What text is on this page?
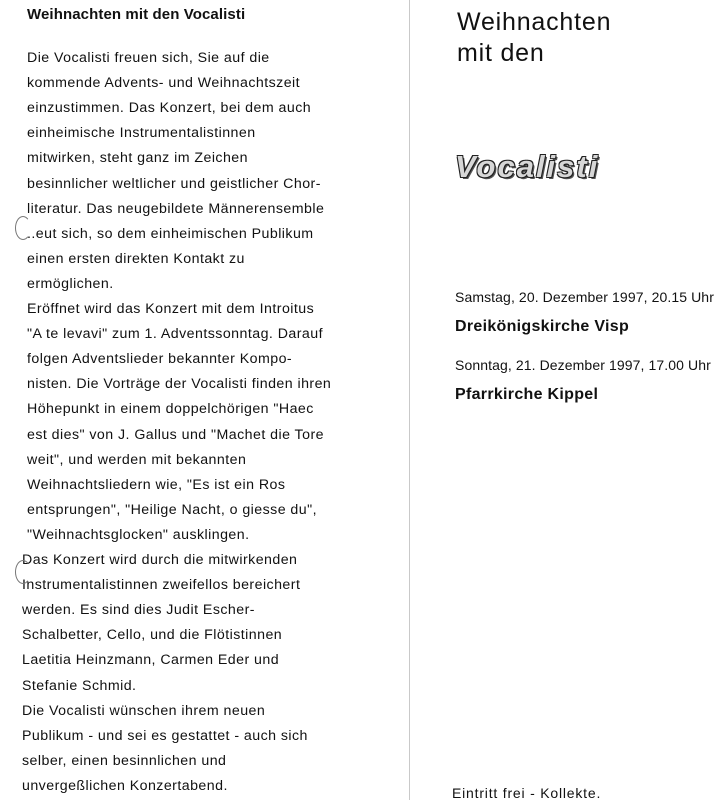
Weihnachten mit den Vocalisti
Die Vocalisti freuen sich, Sie auf die
kommende Advents- und Weihnachtszeit
einzustimmen. Das Konzert, bei dem auch
einheimische Instrumentalistinnen
mitwirken, steht ganz im Zeichen
besinnlicher weltlicher und geistlicher Chor-
literatur. Das neugebildete Männerensemble
..eut sich, so dem einheimischen Publikum
einen ersten direkten Kontakt zu
ermöglichen.
Eröffnet wird das Konzert mit dem Introitus
"A te levavi" zum 1. Adventssonntag. Darauf
folgen Adventslieder bekannter Kompo-
nisten. Die Vorträge der Vocalisti finden ihren
Höhepunkt in einem doppelchörigen "Haec
est dies" von J. Gallus und "Machet die Tore
weit", und werden mit bekannten
Weihnachtsliedern wie, "Es ist ein Ros
entsprungen", "Heilige Nacht, o giesse du",
"Weihnachtsglocken" ausklingen.
Das Konzert wird durch die mitwirkenden
Instrumentalistinnen zweifellos bereichert
werden. Es sind dies Judit Escher-
Schalbetter, Cello, und die Flötistinnen
Laetitia Heinzmann, Carmen Eder und
Stefanie Schmid.
Die Vocalisti wünschen ihrem neuen
Publikum - und sei es gestattet - auch sich
selber, einen besinnlichen und
unvergeßlichen Konzertabend.
Weihnachten
mit den
Vocalisti
Samstag, 20. Dezember 1997, 20.15 Uhr
Dreikönigskirche Visp
Sonntag, 21. Dezember 1997, 17.00 Uhr
Pfarrkirche Kippel
Eintritt frei - Kollekte.
